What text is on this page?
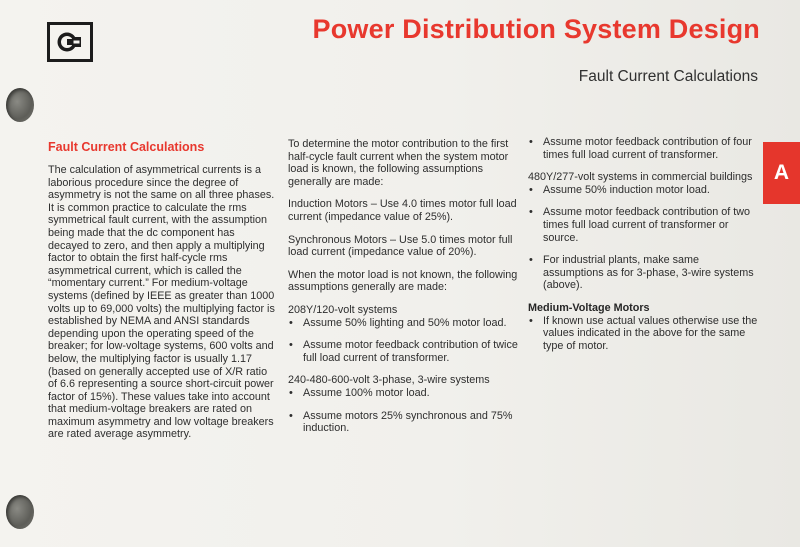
Power Distribution System Design
Fault Current Calculations
A

Fault Current Calculations

The calculation of asymmetrical currents is a laborious procedure since the degree of asymmetry is not the same on all three phases. It is common practice to calculate the rms symmetrical fault current, with the assumption being made that the dc component has decayed to zero, and then apply a multiplying factor to obtain the first half-cycle rms asymmetrical current, which is called the “momentary current.” For medium-voltage systems (defined by IEEE as greater than 1000 volts up to 69,000 volts) the multiplying factor is established by NEMA and ANSI standards depending upon the operating speed of the breaker; for low-voltage systems, 600 volts and below, the multiplying factor is usually 1.17 (based on generally accepted use of X/R ratio of 6.6 representing a source short-circuit power factor of 15%). These values take into account that medium-voltage breakers are rated on maximum asymmetry and low voltage breakers are rated average asymmetry.

To determine the motor contribution to the first half-cycle fault current when the system motor load is known, the following assumptions generally are made:

Induction Motors – Use 4.0 times motor full load current (impedance value of 25%).

Synchronous Motors – Use 5.0 times motor full load current (impedance value of 20%).

When the motor load is not known, the following assumptions generally are made:

208Y/120-volt systems

• Assume 50% lighting and 50% motor load.

• Assume motor feedback contribution of twice full load current of transformer.

240-480-600-volt 3-phase, 3-wire systems

• Assume 100% motor load.

• Assume motors 25% synchronous and 75% induction.

• Assume motor feedback contribution of four times full load current of transformer.

480Y/277-volt systems in commercial buildings

• Assume 50% induction motor load.

• Assume motor feedback contribution of two times full load current of transformer or source.

• For industrial plants, make same assumptions as for 3-phase, 3-wire systems (above).

Medium-Voltage Motors

• If known use actual values otherwise use the values indicated in the above for the same type of motor.
